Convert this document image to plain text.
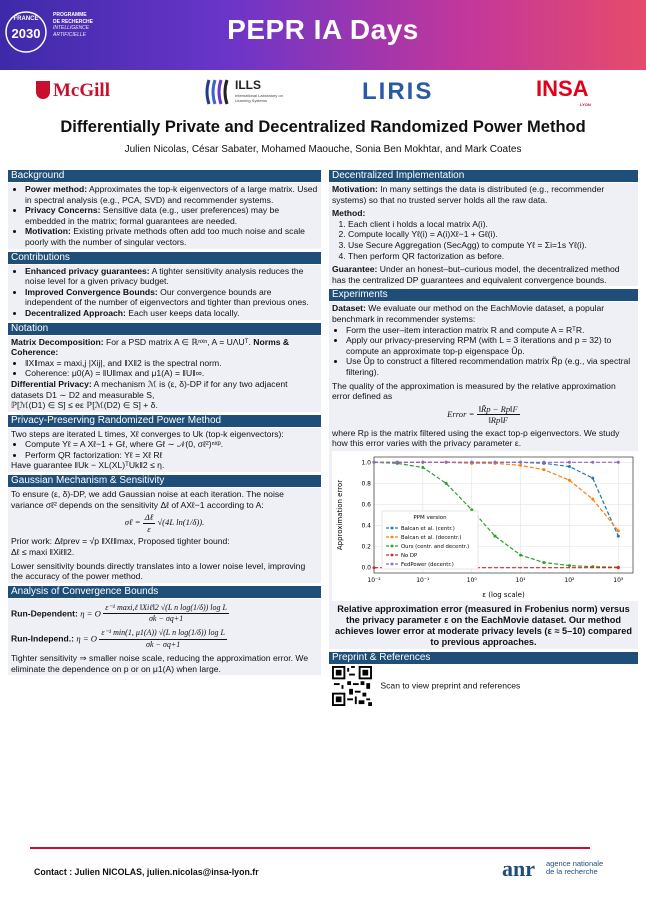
FRANCE
2030
PROGRAMME
DE RECHERCHE
INTELLIGENCE
ARTIFICIELLE	PEPR IA Days
McGill	ILLS
International Laboratory on Learning Systems	LIRIS	INSA
LYON
Differentially Private and Decentralized Randomized Power Method
Julien Nicolas, César Sabater, Mohamed Maouche, Sonia Ben Mokhtar, and Mark Coates
Background
• Power method: Approximates the top-k eigenvectors of a large matrix. Used in spectral analysis (e.g., PCA, SVD) and recommender systems.
• Privacy Concerns: Sensitive data (e.g., user preferences) may be embedded in the matrix; formal guarantees are needed.
• Motivation: Existing private methods often add too much noise and scale poorly with the number of singular vectors.
Contributions
• Enhanced privacy guarantees: A tighter sensitivity analysis reduces the noise level for a given privacy budget.
• Improved Convergence Bounds: Our convergence bounds are independent of the number of eigenvectors and tighter than previous ones.
• Decentralized Approach: Each user keeps data locally.
Notation
Matrix Decomposition: For a PSD matrix A ∈ ℝⁿˣⁿ, A = UΛUᵀ. Norms & Coherence:
• ‖X‖max = maxi,j |Xij|, and ‖X‖2 is the spectral norm.
• Coherence: μ0(A) = ‖U‖max and μ1(A) = ‖U‖∞.
Differential Privacy: A mechanism ℳ is (ε, δ)-DP if for any two adjacent datasets D1 ∼ D2 and measurable S,
ℙ[ℳ(D1) ∈ S] ≤ eε ℙ[ℳ(D2) ∈ S] + δ.
Privacy-Preserving Randomized Power Method
Two steps are iterated L times, Xℓ converges to Uk (top-k eigenvectors):
• Compute Yℓ = A Xℓ−1 + Gℓ, where Gℓ ∼ 𝒩(0, σℓ²)ⁿˣᵖ.
• Perform QR factorization: Yℓ = Xℓ Rℓ
Have guarantee ‖Uk − XL(XL)ᵀUk‖2 ≤ η.
Gaussian Mechanism & Sensitivity
To ensure (ε, δ)-DP, we add Gaussian noise at each iteration. The noise variance σℓ² depends on the sensitivity Δℓ of AXℓ−1 according to A:
σℓ = $\frac{\text{Δℓ}}{\varepsilon} √(4L$ ln(1/δ)).
Prior work: Δℓprev = √p ‖Xℓ‖max, Proposed tighter bound:
Δℓ ≤ maxi ‖Xiℓ‖2.
Lower sensitivity bounds directly translates into a lower noise level, improving the accuracy of the power method.
Analysis of Convergence Bounds
Run-Dependent: η = O $\frac{\text{ε⁻¹ maxi,ℓ ‖Xiℓ‖2 √(L n log(1/δ)) log L}}{\sigma k - \sigma q+1}$
Run-Independ.: η = O $\frac{\text{ε⁻¹ min(1, μ1(A)) √(L n log(1/δ)) log L}}{\sigma k - \sigma q+1}$
Tighter sensitivity ⇒ smaller noise scale, reducing the approximation error. We eliminate the dependence on p or on μ1(A) when large.
Decentralized Implementation
Motivation: In many settings the data is distributed (e.g., recommender systems) so that no trusted server holds all the raw data.
Method:
1. Each client i holds a local matrix A(i).
2. Compute locally Yℓ(i) = A(i)Xℓ−1 + Gℓ(i).
3. Use Secure Aggregation (SecAgg) to compute Yℓ = Σi=1s Yℓ(i).
4. Then perform QR factorization as before.
Guarantee: Under an honest–but–curious model, the decentralized method has the centralized DP guarantees and equivalent convergence bounds.
Experiments
Dataset: We evaluate our method on the EachMovie dataset, a popular benchmark in recommender systems:
• Form the user–item interaction matrix R and compute A = RᵀR.
• Apply our privacy-preserving RPM (with L = 3 iterations and p = 32) to compute an approximate top-p eigenspace Ũp.
• Use Ũp to construct a filtered recommendation matrix R̃p (e.g., via spectral filtering).
The quality of the approximation is measured by the relative approximation error defined as
Error = $\frac{‖R̃p - Rp‖F}{‖Rp‖F}$
where Rp is the matrix filtered using the exact top-p eigenvectors. We study how this error varies with the privacy parameter ε.
10⁻²	10⁻¹	10⁰	10¹	10²	10³
0.0
0.2
0.4
0.6
0.8
1.0
ε (log scale)
Approximation error	PPM version
Balcan et al. (centr.)
Balcan et al. (decentr.)
Ours (centr. and decentr.)
No DP
FedPower (decentr.)
Relative approximation error (measured in Frobenius norm) versus the privacy parameter ε on the EachMovie dataset. Our method achieves lower error at moderate privacy levels (ε ≈ 5–10) compared to previous approaches.
Preprint & References
Scan to view preprint and references
Contact : Julien NICOLAS, julien.nicolas@insa-lyon.fr	anr agence nationale
de la recherche
